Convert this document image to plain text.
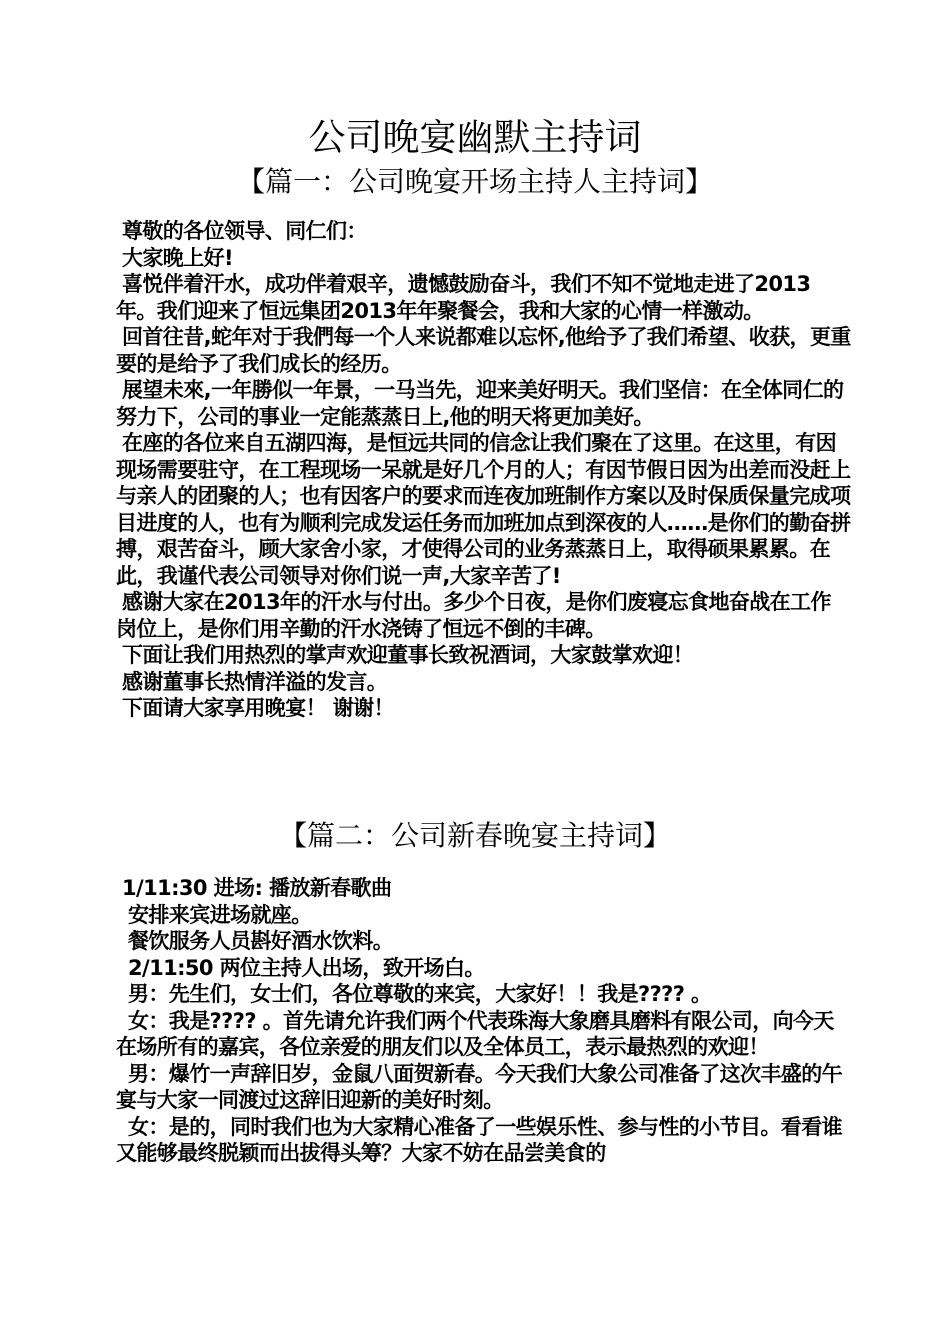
公司晚宴幽默主持词
【篇一：公司晚宴开场主持人主持词】

尊敬的各位领导、同仁们：

大家晚上好!

喜悦伴着汗水，成功伴着艰辛，遗憾鼓励奋斗，我们不知不觉地走进了2013年。我们迎来了恒远集团2013年年聚餐会，我和大家的心情一样激动。

回首往昔,蛇年对于我們每一个人来说都难以忘怀,他给予了我们希望、收获，更重要的是给予了我们成长的经历。

展望未來,一年勝似一年景，一马当先，迎来美好明天。我们坚信：在全体同仁的努力下，公司的事业一定能蒸蒸日上,他的明天将更加美好。

在座的各位来自五湖四海，是恒远共同的信念让我们聚在了这里。在这里，有因现场需要驻守，在工程现场一呆就是好几个月的人；有因节假日因为出差而没赶上与亲人的团聚的人；也有因客户的要求而连夜加班制作方案以及时保质保量完成项目进度的人，也有为顺利完成发运任务而加班加点到深夜的人……是你们的勤奋拼搏，艰苦奋斗，顾大家舍小家，才使得公司的业务蒸蒸日上，取得硕果累累。在此，我谨代表公司领导对你们说一声,大家辛苦了!

感谢大家在2013年的汗水与付出。多少个日夜，是你们废寝忘食地奋战在工作岗位上，是你们用辛勤的汗水浇铸了恒远不倒的丰碑。

下面让我们用热烈的掌声欢迎董事长致祝酒词，大家鼓掌欢迎！

感谢董事长热情洋溢的发言。

下面请大家享用晚宴！ 谢谢！

【篇二：公司新春晚宴主持词】

1/11:30 进场: 播放新春歌曲

安排来宾进场就座。

餐饮服务人员斟好酒水饮料。

2/11:50 两位主持人出场，致开场白。

男：先生们，女士们，各位尊敬的来宾，大家好！！我是???? 。

女：我是???? 。首先请允许我们两个代表珠海大象磨具磨料有限公司，向今天在场所有的嘉宾，各位亲爱的朋友们以及全体员工，表示最热烈的欢迎！

男：爆竹一声辞旧岁，金鼠八面贺新春。今天我们大象公司准备了这次丰盛的午宴与大家一同渡过这辞旧迎新的美好时刻。

女：是的，同时我们也为大家精心准备了一些娱乐性、参与性的小节目。看看谁又能够最终脱颖而出拔得头筹？大家不妨在品尝美食的
